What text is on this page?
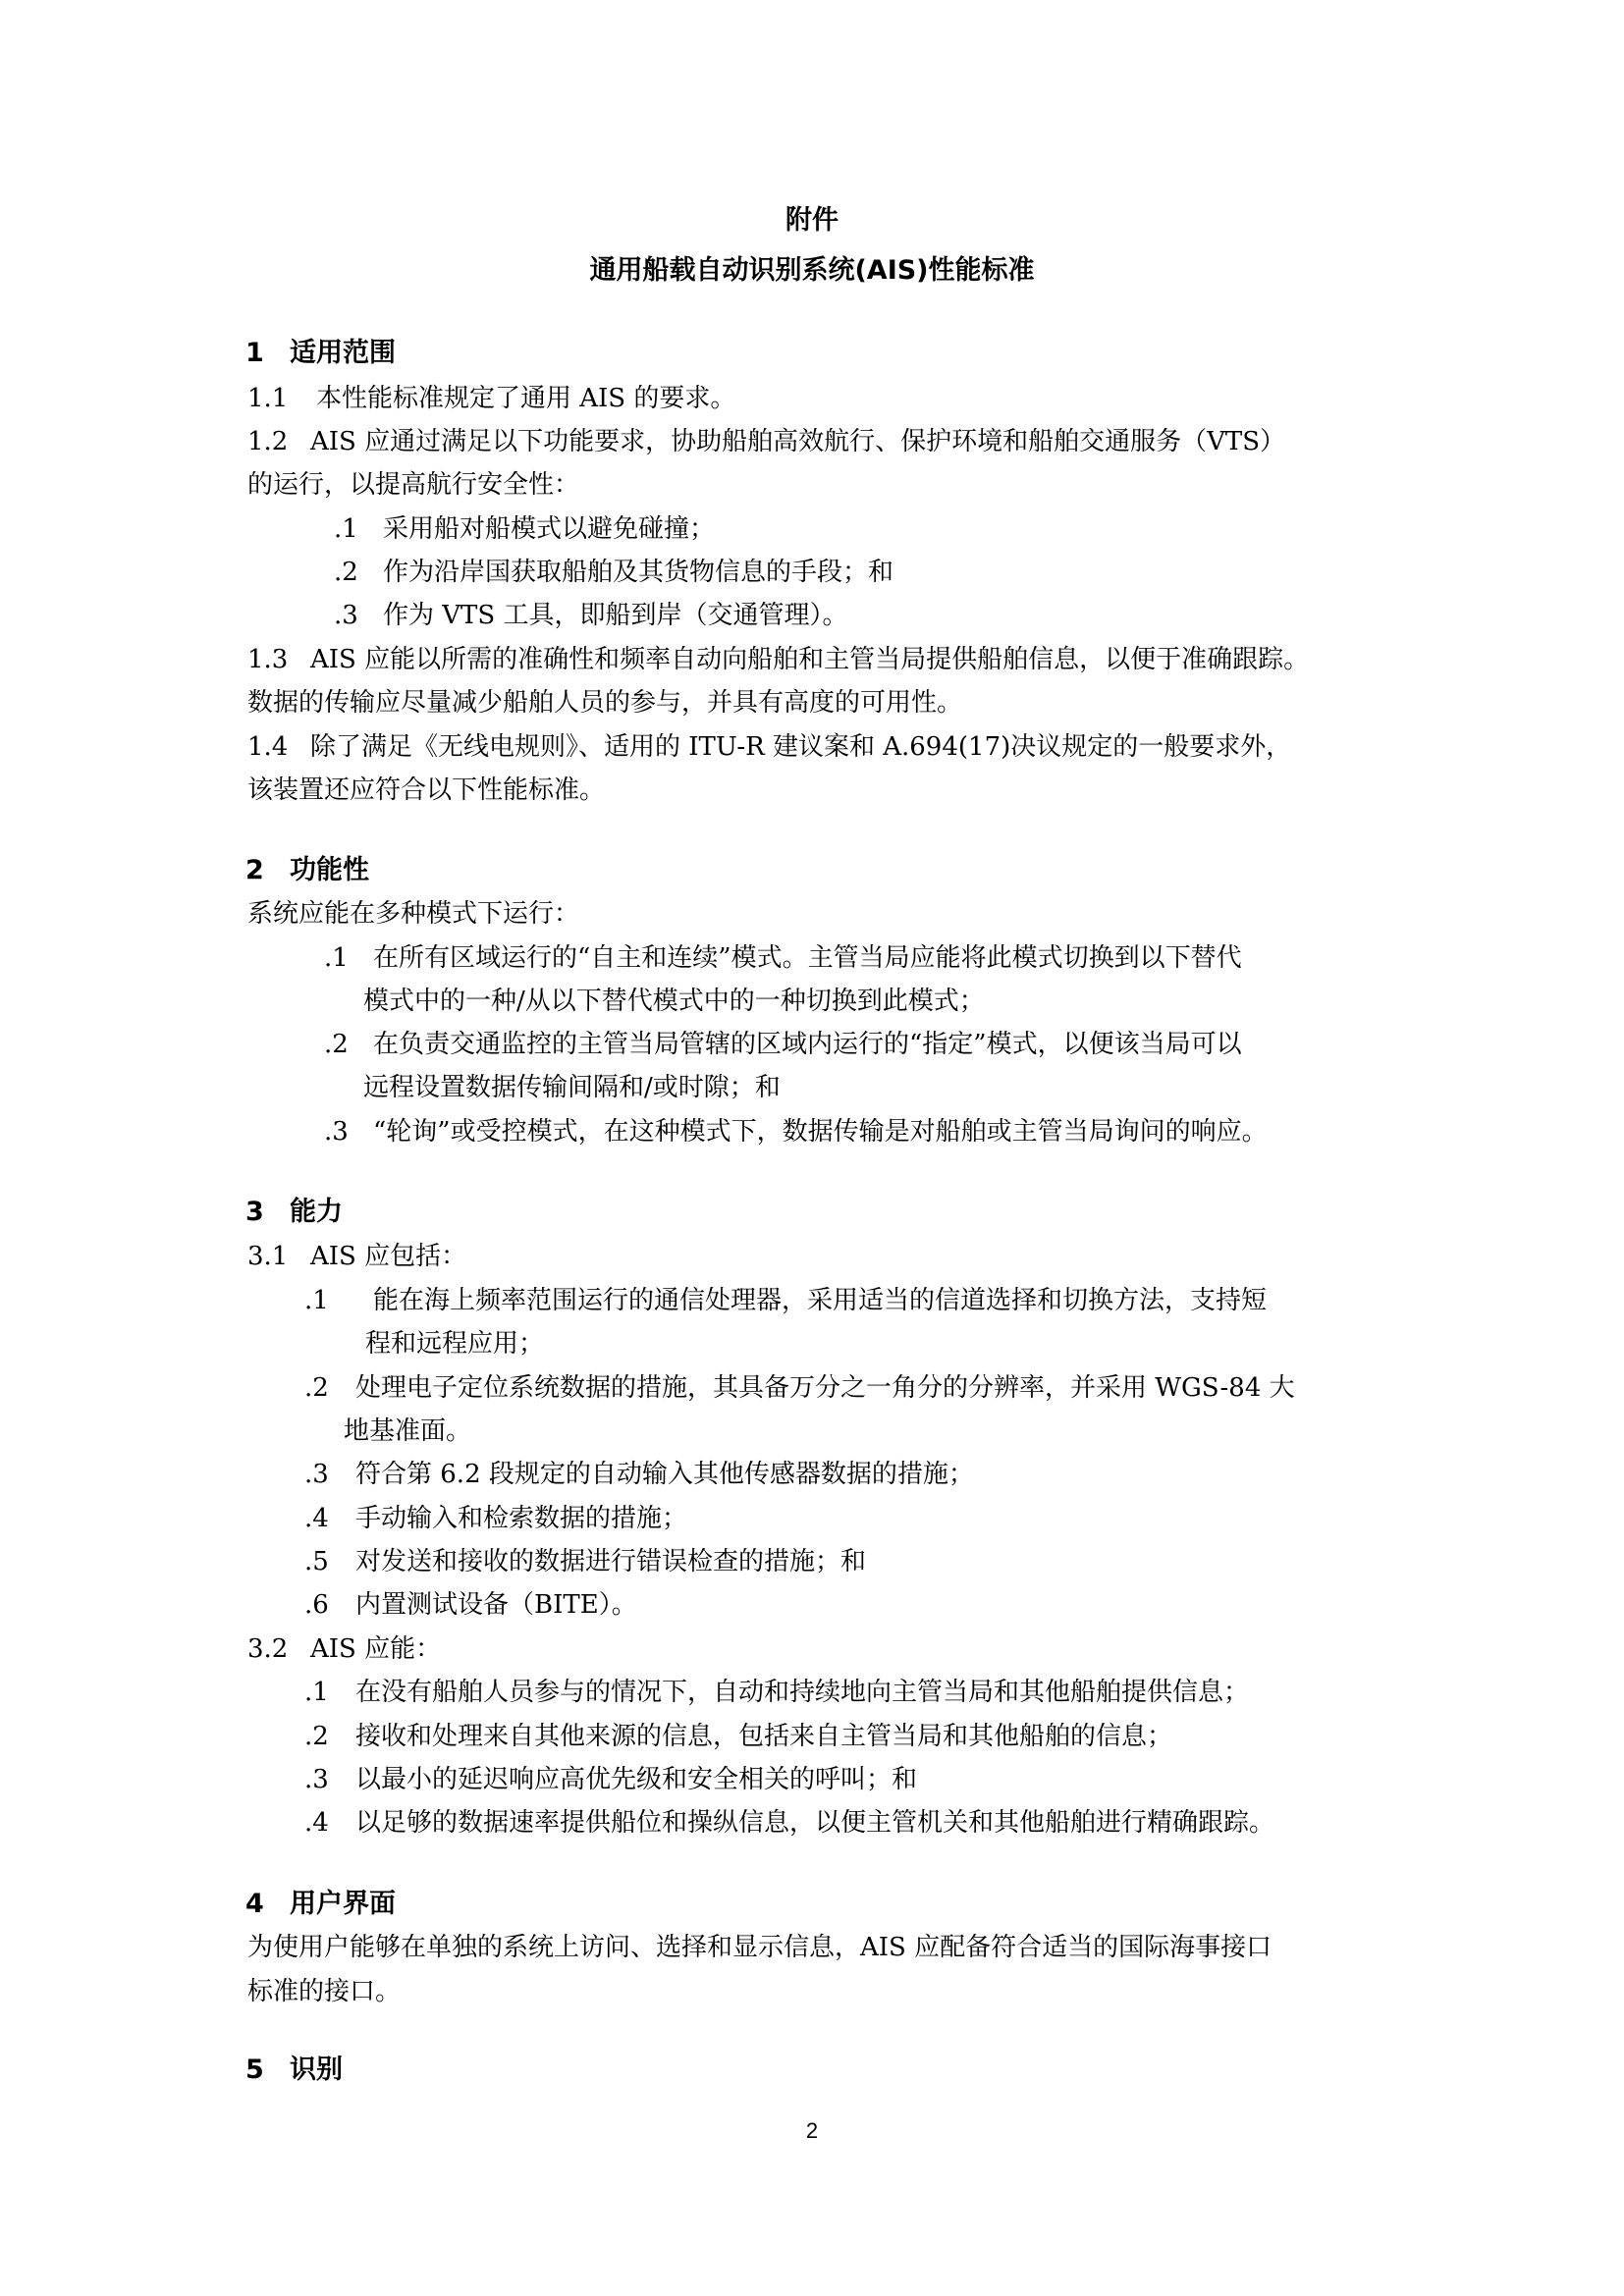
附件
通用船载自动识别系统(AIS)性能标准
1 适用范围
1.1 本性能标准规定了通用 AIS 的要求。
1.2 AIS 应通过满足以下功能要求，协助船舶高效航行、保护环境和船舶交通服务（VTS）
的运行，以提高航行安全性：
.1 采用船对船模式以避免碰撞；
.2 作为沿岸国获取船舶及其货物信息的手段；和
.3 作为 VTS 工具，即船到岸（交通管理）。
1.3 AIS 应能以所需的准确性和频率自动向船舶和主管当局提供船舶信息，以便于准确跟踪。
数据的传输应尽量减少船舶人员的参与，并具有高度的可用性。
1.4 除了满足《无线电规则》、适用的 ITU-R 建议案和 A.694(17)决议规定的一般要求外，
该装置还应符合以下性能标准。
2 功能性
系统应能在多种模式下运行：
.1 在所有区域运行的“自主和连续”模式。主管当局应能将此模式切换到以下替代
模式中的一种/从以下替代模式中的一种切换到此模式；
.2 在负责交通监控的主管当局管辖的区域内运行的“指定”模式，以便该当局可以
远程设置数据传输间隔和/或时隙；和
.3 “轮询”或受控模式，在这种模式下，数据传输是对船舶或主管当局询问的响应。
3 能力
3.1 AIS 应包括：
.1 能在海上频率范围运行的通信处理器，采用适当的信道选择和切换方法，支持短
程和远程应用；
.2 处理电子定位系统数据的措施，其具备万分之一角分的分辨率，并采用 WGS-84 大
地基准面。
.3 符合第 6.2 段规定的自动输入其他传感器数据的措施；
.4 手动输入和检索数据的措施；
.5 对发送和接收的数据进行错误检查的措施；和
.6 内置测试设备（BITE）。
3.2 AIS 应能：
.1 在没有船舶人员参与的情况下，自动和持续地向主管当局和其他船舶提供信息；
.2 接收和处理来自其他来源的信息，包括来自主管当局和其他船舶的信息；
.3 以最小的延迟响应高优先级和安全相关的呼叫；和
.4 以足够的数据速率提供船位和操纵信息，以便主管机关和其他船舶进行精确跟踪。
4 用户界面
为使用户能够在单独的系统上访问、选择和显示信息，AIS 应配备符合适当的国际海事接口
标准的接口。
5 识别
2
